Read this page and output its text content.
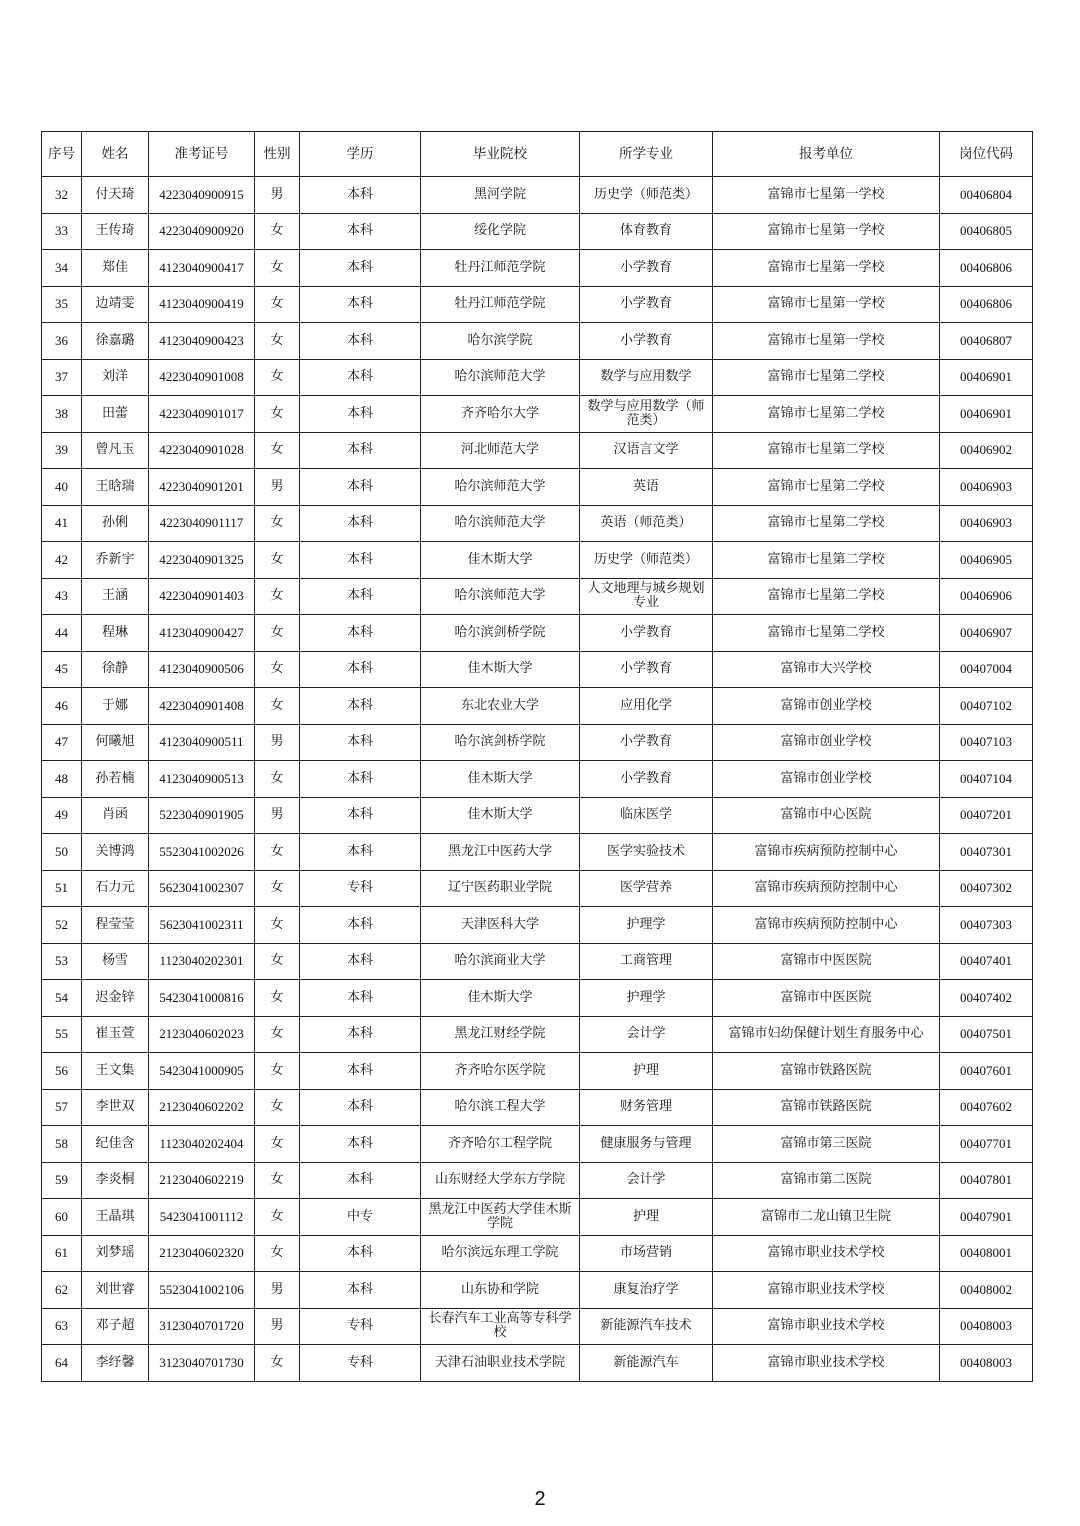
序号	姓名	准考证号	性别	学历	毕业院校	所学专业	报考单位	岗位代码
32	付天琦	4223040900915	男	本科	黑河学院	历史学（师范类）	富锦市七星第一学校	00406804
33	王传琦	4223040900920	女	本科	绥化学院	体育教育	富锦市七星第一学校	00406805
34	郑佳	4123040900417	女	本科	牡丹江师范学院	小学教育	富锦市七星第一学校	00406806
35	边靖雯	4123040900419	女	本科	牡丹江师范学院	小学教育	富锦市七星第一学校	00406806
36	徐嘉璐	4123040900423	女	本科	哈尔滨学院	小学教育	富锦市七星第一学校	00406807
37	刘洋	4223040901008	女	本科	哈尔滨师范大学	数学与应用数学	富锦市七星第二学校	00406901
38	田蕾	4223040901017	女	本科	齐齐哈尔大学	数学与应用数学（师范类）	富锦市七星第二学校	00406901
39	曾凡玉	4223040901028	女	本科	河北师范大学	汉语言文学	富锦市七星第二学校	00406902
40	王晗瑞	4223040901201	男	本科	哈尔滨师范大学	英语	富锦市七星第二学校	00406903
41	孙俐	4223040901117	女	本科	哈尔滨师范大学	英语（师范类）	富锦市七星第二学校	00406903
42	乔新宇	4223040901325	女	本科	佳木斯大学	历史学（师范类）	富锦市七星第二学校	00406905
43	王涵	4223040901403	女	本科	哈尔滨师范大学	人文地理与城乡规划专业	富锦市七星第二学校	00406906
44	程琳	4123040900427	女	本科	哈尔滨剑桥学院	小学教育	富锦市七星第二学校	00406907
45	徐静	4123040900506	女	本科	佳木斯大学	小学教育	富锦市大兴学校	00407004
46	于娜	4223040901408	女	本科	东北农业大学	应用化学	富锦市创业学校	00407102
47	何曦旭	4123040900511	男	本科	哈尔滨剑桥学院	小学教育	富锦市创业学校	00407103
48	孙若楠	4123040900513	女	本科	佳木斯大学	小学教育	富锦市创业学校	00407104
49	肖函	5223040901905	男	本科	佳木斯大学	临床医学	富锦市中心医院	00407201
50	关博鸿	5523041002026	女	本科	黑龙江中医药大学	医学实验技术	富锦市疾病预防控制中心	00407301
51	石力元	5623041002307	女	专科	辽宁医药职业学院	医学营养	富锦市疾病预防控制中心	00407302
52	程莹莹	5623041002311	女	本科	天津医科大学	护理学	富锦市疾病预防控制中心	00407303
53	杨雪	1123040202301	女	本科	哈尔滨商业大学	工商管理	富锦市中医医院	00407401
54	迟金锌	5423041000816	女	本科	佳木斯大学	护理学	富锦市中医医院	00407402
55	崔玉萱	2123040602023	女	本科	黑龙江财经学院	会计学	富锦市妇幼保健计划生育服务中心	00407501
56	王文集	5423041000905	女	本科	齐齐哈尔医学院	护理	富锦市铁路医院	00407601
57	李世双	2123040602202	女	本科	哈尔滨工程大学	财务管理	富锦市铁路医院	00407602
58	纪佳含	1123040202404	女	本科	齐齐哈尔工程学院	健康服务与管理	富锦市第三医院	00407701
59	李炎桐	2123040602219	女	本科	山东财经大学东方学院	会计学	富锦市第二医院	00407801
60	王晶琪	5423041001112	女	中专	黑龙江中医药大学佳木斯学院	护理	富锦市二龙山镇卫生院	00407901
61	刘梦瑶	2123040602320	女	本科	哈尔滨远东理工学院	市场营销	富锦市职业技术学校	00408001
62	刘世睿	5523041002106	男	本科	山东协和学院	康复治疗学	富锦市职业技术学校	00408002
63	邓子超	3123040701720	男	专科	长春汽车工业高等专科学校	新能源汽车技术	富锦市职业技术学校	00408003
64	李纾馨	3123040701730	女	专科	天津石油职业技术学院	新能源汽车	富锦市职业技术学校	00408003
2
